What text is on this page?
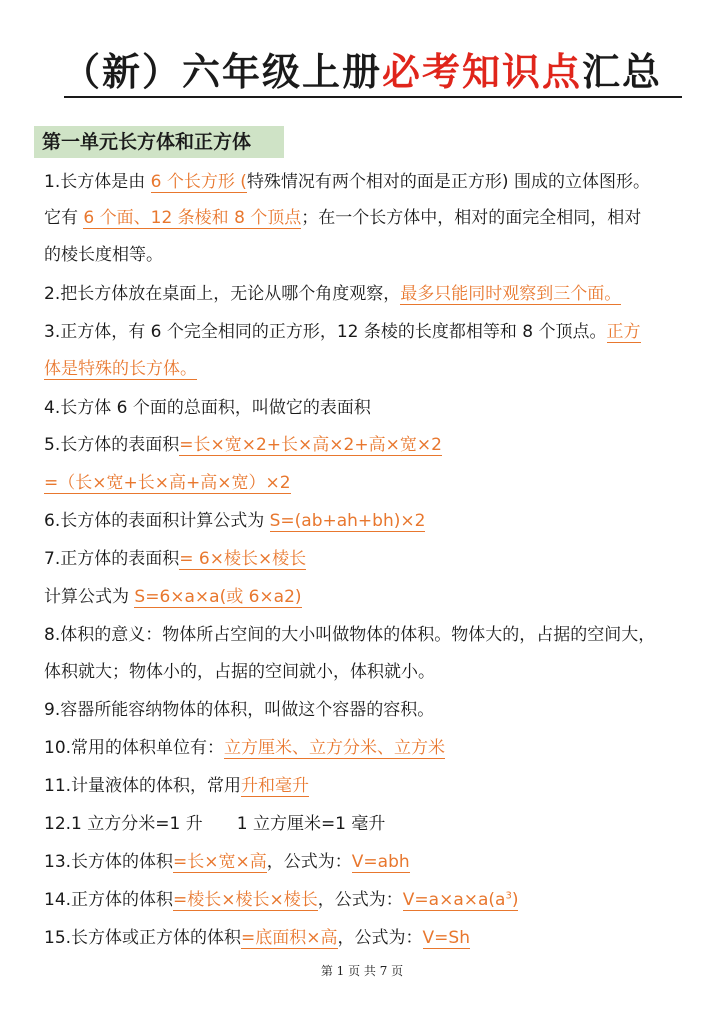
（新）六年级上册必考知识点汇总
第一单元长方体和正方体
1.长方体是由 6 个长方形 (特殊情况有两个相对的面是正方形) 围成的立体图形。
它有 6 个面、12 条棱和 8 个顶点；在一个长方体中，相对的面完全相同，相对
的棱长度相等。
2.把长方体放在桌面上，无论从哪个角度观察，最多只能同时观察到三个面。
3.正方体，有 6 个完全相同的正方形，12 条棱的长度都相等和 8 个顶点。正方
体是特殊的长方体。
4.长方体 6 个面的总面积，叫做它的表面积
5.长方体的表面积=长×宽×2+长×高×2+高×宽×2
=（长×宽+长×高+高×宽）×2
6.长方体的表面积计算公式为 S=(ab+ah+bh)×2
7.正方体的表面积= 6×棱长×棱长
计算公式为 S=6×a×a(或 6×a2)
8.体积的意义：物体所占空间的大小叫做物体的体积。物体大的，占据的空间大，
体积就大；物体小的，占据的空间就小，体积就小。
9.容器所能容纳物体的体积，叫做这个容器的容积。
10.常用的体积单位有：立方厘米、立方分米、立方米
11.计量液体的体积，常用升和毫升
12.1 立方分米=1 升　　1 立方厘米=1 毫升
13.长方体的体积=长×宽×高，公式为：V=abh
14.正方体的体积=棱长×棱长×棱长，公式为：$V=a\times a\times a(a^3)$
15.长方体或正方体的体积=底面积×高，公式为：V=Sh
第 1 页 共 7 页
